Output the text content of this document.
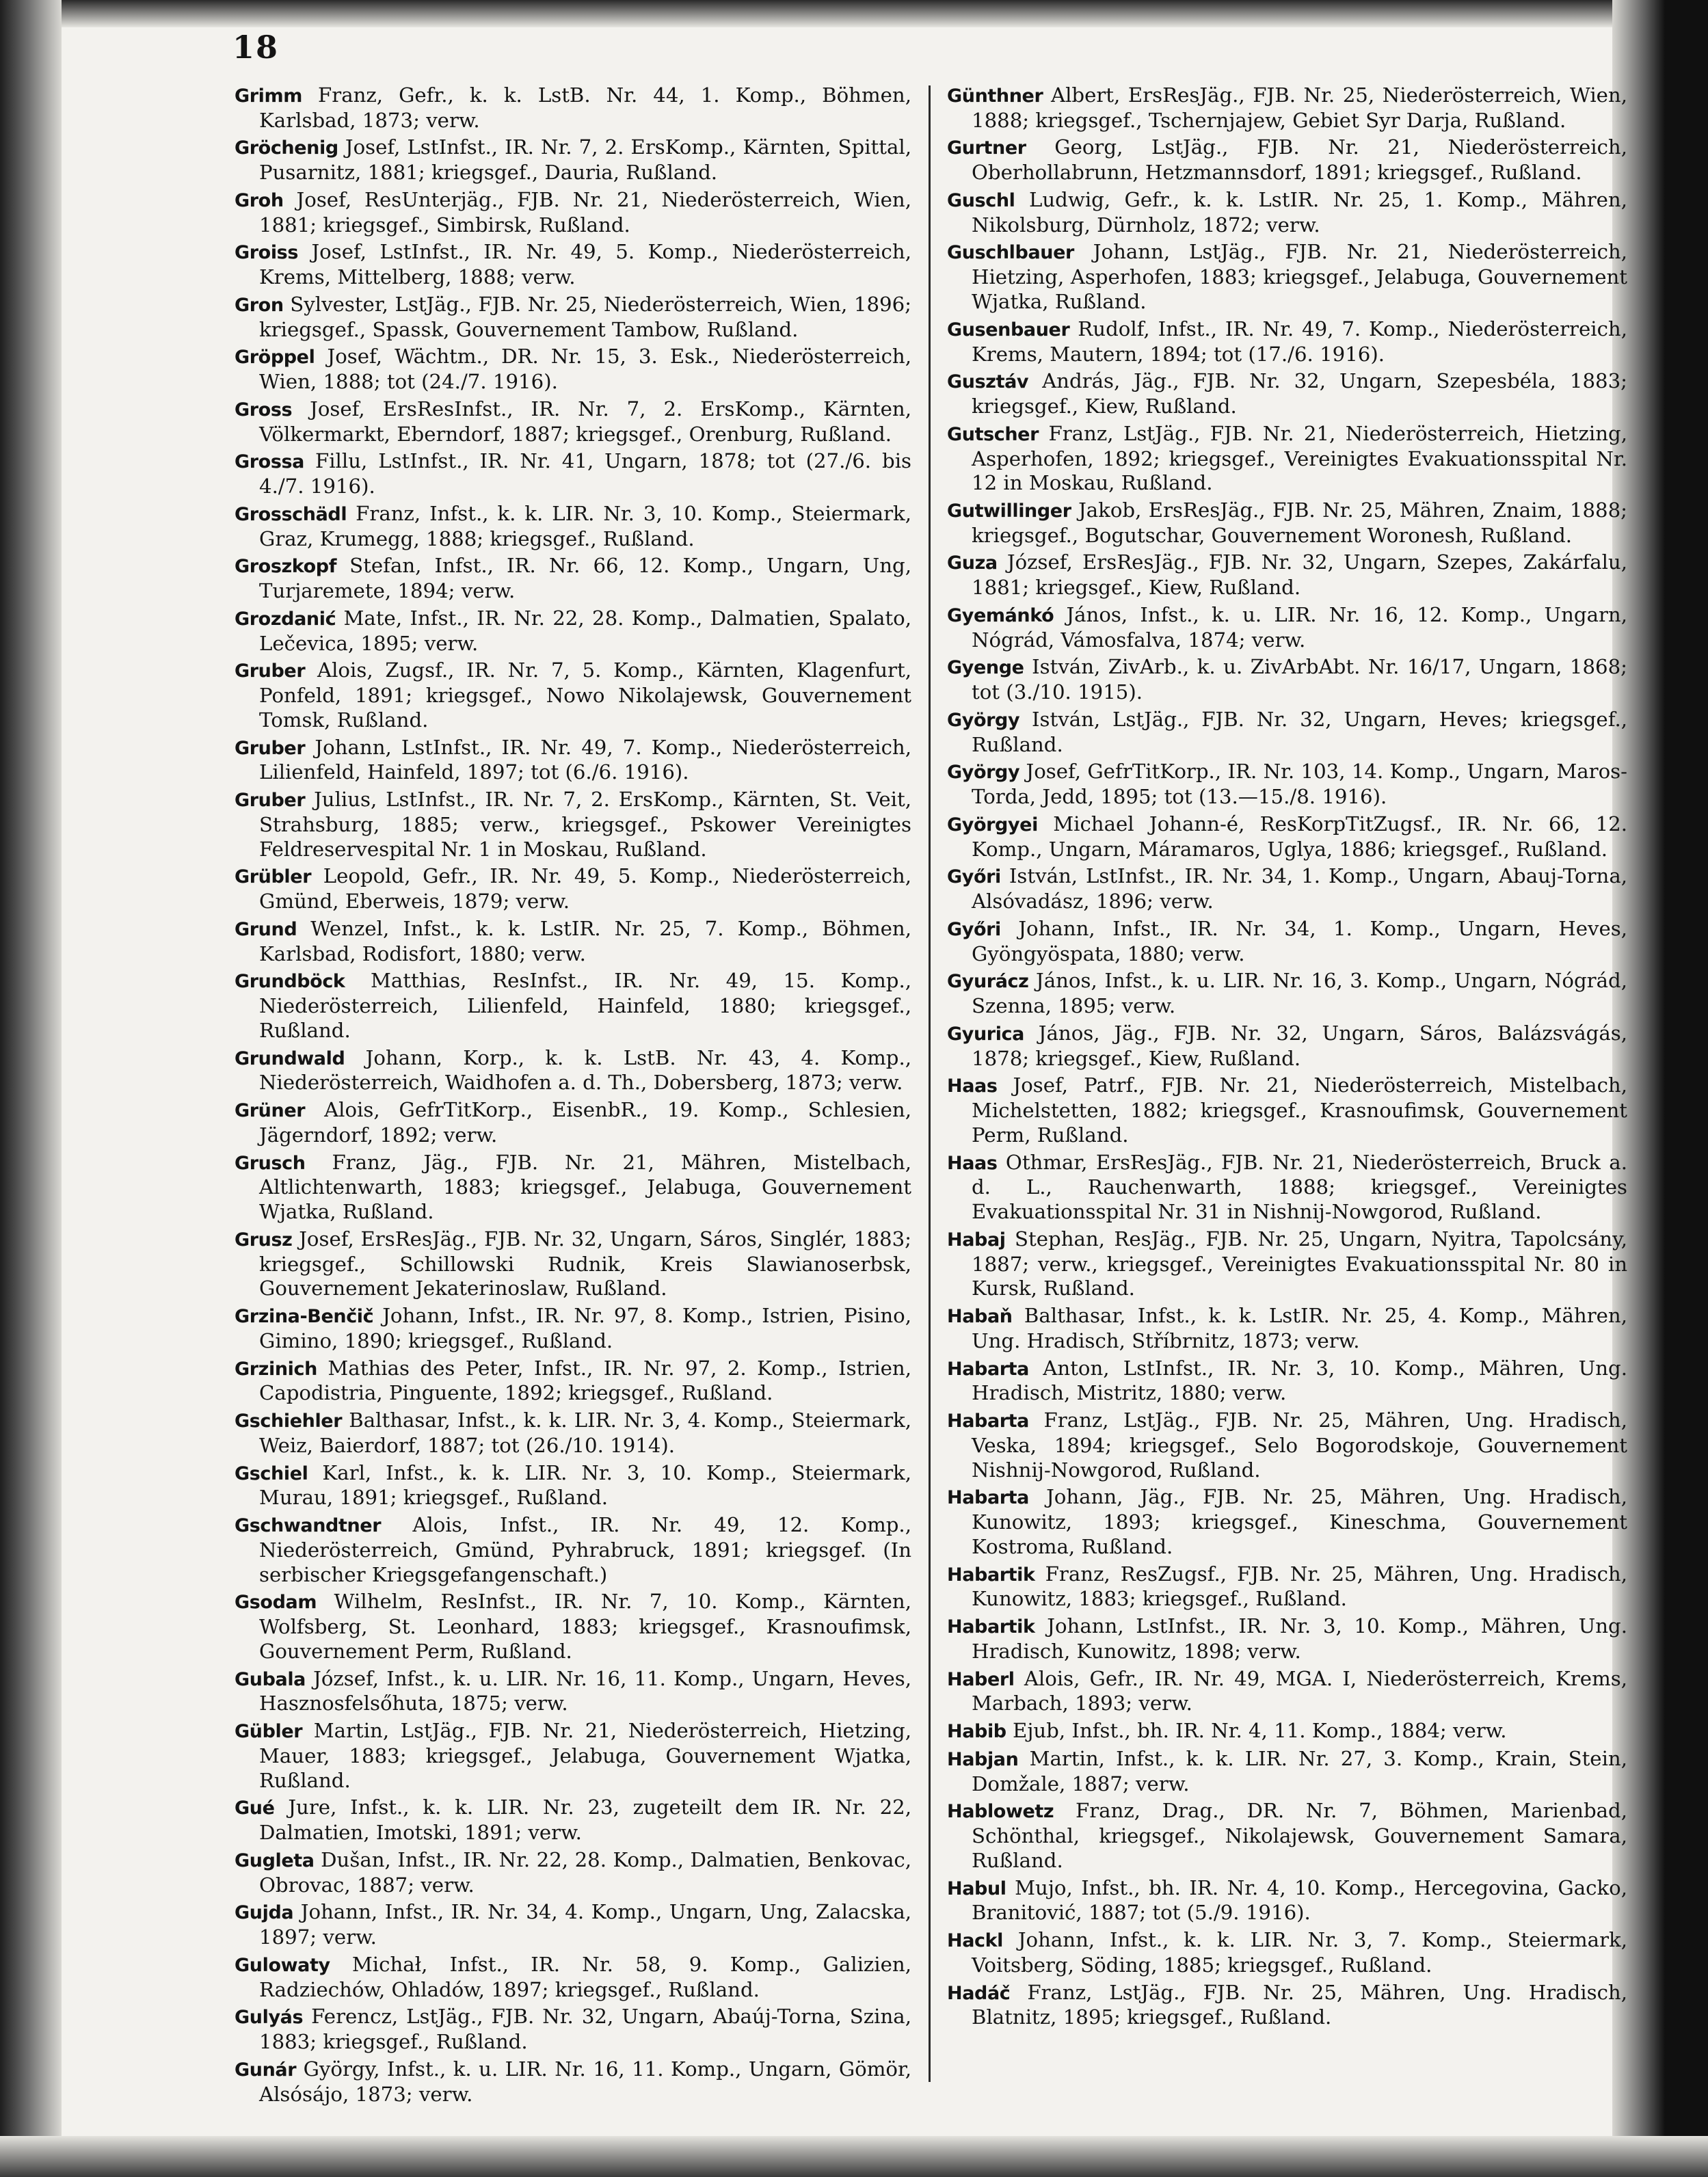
18

Grimm Franz, Gefr., k. k. LstB. Nr. 44, 1. Komp., Böhmen, Karlsbad, 1873; verw.

Gröchenig Josef, LstInfst., IR. Nr. 7, 2. ErsKomp., Kärnten, Spittal, Pusarnitz, 1881; kriegsgef., Dauria, Rußland.

Groh Josef, ResUnterjäg., FJB. Nr. 21, Niederösterreich, Wien, 1881; kriegsgef., Simbirsk, Rußland.

Groiss Josef, LstInfst., IR. Nr. 49, 5. Komp., Niederösterreich, Krems, Mittelberg, 1888; verw.

Gron Sylvester, LstJäg., FJB. Nr. 25, Niederösterreich, Wien, 1896; kriegsgef., Spassk, Gouvernement Tambow, Rußland.

Gröppel Josef, Wächtm., DR. Nr. 15, 3. Esk., Niederösterreich, Wien, 1888; tot (24./7. 1916).

Gross Josef, ErsResInfst., IR. Nr. 7, 2. ErsKomp., Kärnten, Völkermarkt, Eberndorf, 1887; kriegsgef., Orenburg, Rußland.

Grossa Fillu, LstInfst., IR. Nr. 41, Ungarn, 1878; tot (27./6. bis 4./7. 1916).

Grosschädl Franz, Infst., k. k. LIR. Nr. 3, 10. Komp., Steiermark, Graz, Krumegg, 1888; kriegsgef., Rußland.

Groszkopf Stefan, Infst., IR. Nr. 66, 12. Komp., Ungarn, Ung, Turjaremete, 1894; verw.

Grozdanić Mate, Infst., IR. Nr. 22, 28. Komp., Dalmatien, Spalato, Lečevica, 1895; verw.

Gruber Alois, Zugsf., IR. Nr. 7, 5. Komp., Kärnten, Klagenfurt, Ponfeld, 1891; kriegsgef., Nowo Nikolajewsk, Gouvernement Tomsk, Rußland.

Gruber Johann, LstInfst., IR. Nr. 49, 7. Komp., Niederösterreich, Lilienfeld, Hainfeld, 1897; tot (6./6. 1916).

Gruber Julius, LstInfst., IR. Nr. 7, 2. ErsKomp., Kärnten, St. Veit, Strahsburg, 1885; verw., kriegsgef., Pskower Vereinigtes Feldreservespital Nr. 1 in Moskau, Rußland.

Grübler Leopold, Gefr., IR. Nr. 49, 5. Komp., Niederösterreich, Gmünd, Eberweis, 1879; verw.

Grund Wenzel, Infst., k. k. LstIR. Nr. 25, 7. Komp., Böhmen, Karlsbad, Rodisfort, 1880; verw.

Grundböck Matthias, ResInfst., IR. Nr. 49, 15. Komp., Niederösterreich, Lilienfeld, Hainfeld, 1880; kriegsgef., Rußland.

Grundwald Johann, Korp., k. k. LstB. Nr. 43, 4. Komp., Niederösterreich, Waidhofen a. d. Th., Dobersberg, 1873; verw.

Grüner Alois, GefrTitKorp., EisenbR., 19. Komp., Schlesien, Jägerndorf, 1892; verw.

Grusch Franz, Jäg., FJB. Nr. 21, Mähren, Mistelbach, Altlichtenwarth, 1883; kriegsgef., Jelabuga, Gouvernement Wjatka, Rußland.

Grusz Josef, ErsResJäg., FJB. Nr. 32, Ungarn, Sáros, Singlér, 1883; kriegsgef., Schillowski Rudnik, Kreis Slawianoserbsk, Gouvernement Jekaterinoslaw, Rußland.

Grzina-Benčič Johann, Infst., IR. Nr. 97, 8. Komp., Istrien, Pisino, Gimino, 1890; kriegsgef., Rußland.

Grzinich Mathias des Peter, Infst., IR. Nr. 97, 2. Komp., Istrien, Capodistria, Pinguente, 1892; kriegsgef., Rußland.

Gschiehler Balthasar, Infst., k. k. LIR. Nr. 3, 4. Komp., Steiermark, Weiz, Baierdorf, 1887; tot (26./10. 1914).

Gschiel Karl, Infst., k. k. LIR. Nr. 3, 10. Komp., Steiermark, Murau, 1891; kriegsgef., Rußland.

Gschwandtner Alois, Infst., IR. Nr. 49, 12. Komp., Niederösterreich, Gmünd, Pyhrabruck, 1891; kriegsgef. (In serbischer Kriegsgefangenschaft.)

Gsodam Wilhelm, ResInfst., IR. Nr. 7, 10. Komp., Kärnten, Wolfsberg, St. Leonhard, 1883; kriegsgef., Krasnoufimsk, Gouvernement Perm, Rußland.

Gubala József, Infst., k. u. LIR. Nr. 16, 11. Komp., Ungarn, Heves, Hasznosfelsőhuta, 1875; verw.

Gübler Martin, LstJäg., FJB. Nr. 21, Niederösterreich, Hietzing, Mauer, 1883; kriegsgef., Jelabuga, Gouvernement Wjatka, Rußland.

Gué Jure, Infst., k. k. LIR. Nr. 23, zugeteilt dem IR. Nr. 22, Dalmatien, Imotski, 1891; verw.

Gugleta Dušan, Infst., IR. Nr. 22, 28. Komp., Dalmatien, Benkovac, Obrovac, 1887; verw.

Gujda Johann, Infst., IR. Nr. 34, 4. Komp., Ungarn, Ung, Zalacska, 1897; verw.

Gulowaty Michał, Infst., IR. Nr. 58, 9. Komp., Galizien, Radziechów, Ohladów, 1897; kriegsgef., Rußland.

Gulyás Ferencz, LstJäg., FJB. Nr. 32, Ungarn, Abaúj-Torna, Szina, 1883; kriegsgef., Rußland.

Gunár György, Infst., k. u. LIR. Nr. 16, 11. Komp., Ungarn, Gömör, Alsósájo, 1873; verw.

Günthner Albert, ErsResJäg., FJB. Nr. 25, Niederösterreich, Wien, 1888; kriegsgef., Tschernjajew, Gebiet Syr Darja, Rußland.

Gurtner Georg, LstJäg., FJB. Nr. 21, Niederösterreich, Oberhollabrunn, Hetzmannsdorf, 1891; kriegsgef., Rußland.

Guschl Ludwig, Gefr., k. k. LstIR. Nr. 25, 1. Komp., Mähren, Nikolsburg, Dürnholz, 1872; verw.

Guschlbauer Johann, LstJäg., FJB. Nr. 21, Niederösterreich, Hietzing, Asperhofen, 1883; kriegsgef., Jelabuga, Gouvernement Wjatka, Rußland.

Gusenbauer Rudolf, Infst., IR. Nr. 49, 7. Komp., Niederösterreich, Krems, Mautern, 1894; tot (17./6. 1916).

Gusztáv András, Jäg., FJB. Nr. 32, Ungarn, Szepesbéla, 1883; kriegsgef., Kiew, Rußland.

Gutscher Franz, LstJäg., FJB. Nr. 21, Niederösterreich, Hietzing, Asperhofen, 1892; kriegsgef., Vereinigtes Evakuationsspital Nr. 12 in Moskau, Rußland.

Gutwillinger Jakob, ErsResJäg., FJB. Nr. 25, Mähren, Znaim, 1888; kriegsgef., Bogutschar, Gouvernement Woronesh, Rußland.

Guza József, ErsResJäg., FJB. Nr. 32, Ungarn, Szepes, Zakárfalu, 1881; kriegsgef., Kiew, Rußland.

Gyemánkó János, Infst., k. u. LIR. Nr. 16, 12. Komp., Ungarn, Nógrád, Vámosfalva, 1874; verw.

Gyenge István, ZivArb., k. u. ZivArbAbt. Nr. 16/17, Ungarn, 1868; tot (3./10. 1915).

György István, LstJäg., FJB. Nr. 32, Ungarn, Heves; kriegsgef., Rußland.

György Josef, GefrTitKorp., IR. Nr. 103, 14. Komp., Ungarn, Maros-Torda, Jedd, 1895; tot (13.—15./8. 1916).

Györgyei Michael Johann-é, ResKorpTitZugsf., IR. Nr. 66, 12. Komp., Ungarn, Máramaros, Uglya, 1886; kriegsgef., Rußland.

Győri István, LstInfst., IR. Nr. 34, 1. Komp., Ungarn, Abauj-Torna, Alsóvadász, 1896; verw.

Győri Johann, Infst., IR. Nr. 34, 1. Komp., Ungarn, Heves, Gyöngyöspata, 1880; verw.

Gyurácz János, Infst., k. u. LIR. Nr. 16, 3. Komp., Ungarn, Nógrád, Szenna, 1895; verw.

Gyurica János, Jäg., FJB. Nr. 32, Ungarn, Sáros, Balázsvágás, 1878; kriegsgef., Kiew, Rußland.

Haas Josef, Patrf., FJB. Nr. 21, Niederösterreich, Mistelbach, Michelstetten, 1882; kriegsgef., Krasnoufimsk, Gouvernement Perm, Rußland.

Haas Othmar, ErsResJäg., FJB. Nr. 21, Niederösterreich, Bruck a. d. L., Rauchenwarth, 1888; kriegsgef., Vereinigtes Evakuationsspital Nr. 31 in Nishnij-Nowgorod, Rußland.

Habaj Stephan, ResJäg., FJB. Nr. 25, Ungarn, Nyitra, Tapolcsány, 1887; verw., kriegsgef., Vereinigtes Evakuationsspital Nr. 80 in Kursk, Rußland.

Habaň Balthasar, Infst., k. k. LstIR. Nr. 25, 4. Komp., Mähren, Ung. Hradisch, Stříbrnitz, 1873; verw.

Habarta Anton, LstInfst., IR. Nr. 3, 10. Komp., Mähren, Ung. Hradisch, Mistritz, 1880; verw.

Habarta Franz, LstJäg., FJB. Nr. 25, Mähren, Ung. Hradisch, Veska, 1894; kriegsgef., Selo Bogorodskoje, Gouvernement Nishnij-Nowgorod, Rußland.

Habarta Johann, Jäg., FJB. Nr. 25, Mähren, Ung. Hradisch, Kunowitz, 1893; kriegsgef., Kineschma, Gouvernement Kostroma, Rußland.

Habartik Franz, ResZugsf., FJB. Nr. 25, Mähren, Ung. Hradisch, Kunowitz, 1883; kriegsgef., Rußland.

Habartik Johann, LstInfst., IR. Nr. 3, 10. Komp., Mähren, Ung. Hradisch, Kunowitz, 1898; verw.

Haberl Alois, Gefr., IR. Nr. 49, MGA. I, Niederösterreich, Krems, Marbach, 1893; verw.

Habib Ejub, Infst., bh. IR. Nr. 4, 11. Komp., 1884; verw.

Habjan Martin, Infst., k. k. LIR. Nr. 27, 3. Komp., Krain, Stein, Domžale, 1887; verw.

Hablowetz Franz, Drag., DR. Nr. 7, Böhmen, Marienbad, Schönthal, kriegsgef., Nikolajewsk, Gouvernement Samara, Rußland.

Habul Mujo, Infst., bh. IR. Nr. 4, 10. Komp., Hercegovina, Gacko, Branitović, 1887; tot (5./9. 1916).

Hackl Johann, Infst., k. k. LIR. Nr. 3, 7. Komp., Steiermark, Voitsberg, Söding, 1885; kriegsgef., Rußland.

Hadáč Franz, LstJäg., FJB. Nr. 25, Mähren, Ung. Hradisch, Blatnitz, 1895; kriegsgef., Rußland.
